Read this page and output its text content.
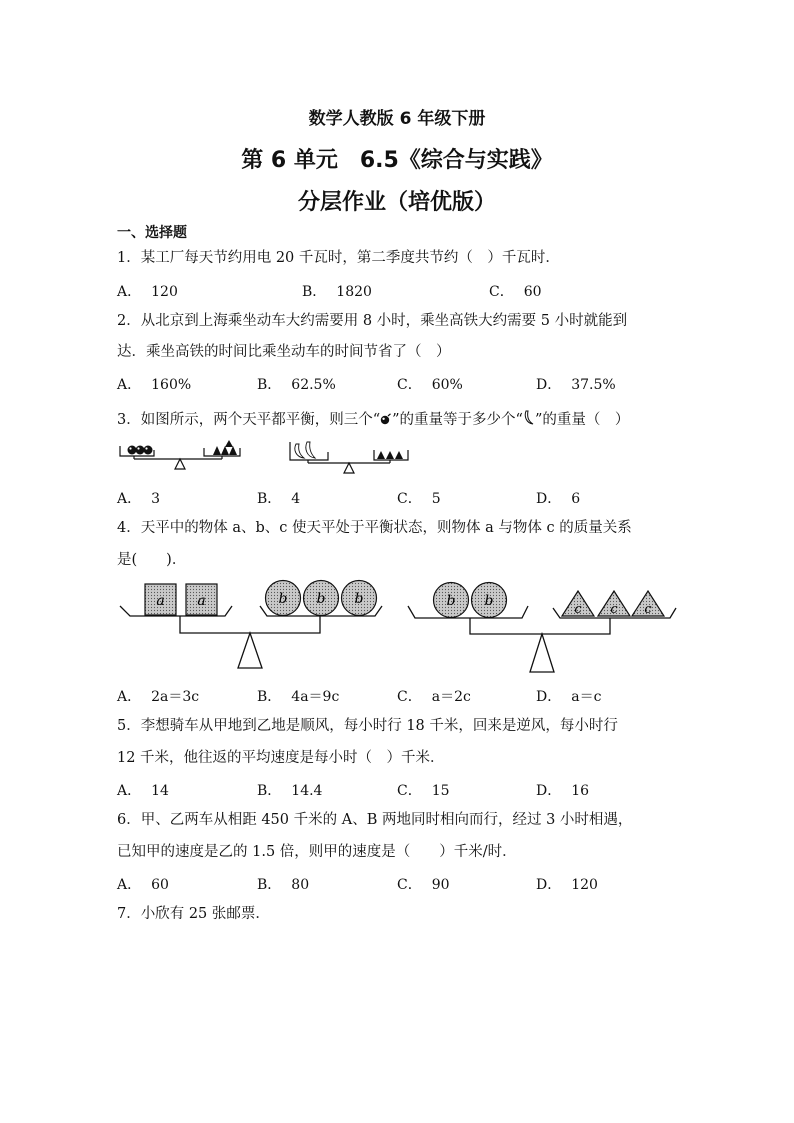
数学人教版 6 年级下册
第 6 单元　6.5《综合与实践》
分层作业（培优版）
一、选择题
1．某工厂每天节约用电 20 千瓦时，第二季度共节约（　）千瓦时．
A． 120	B． 1820	C． 60
2．从北京到上海乘坐动车大约需要用 8 小时，乘坐高铁大约需要 5 小时就能到
达．乘坐高铁的时间比乘坐动车的时间节省了（　）
A． 160%	B． 62.5%	C． 60%	D． 37.5%
3．如图所示，两个天平都平衡，则三个“ ”的重量等于多少个“ ”的重量（　）
A． 3	B． 4	C． 5	D． 6
4．天平中的物体 a、b、c 使天平处于平衡状态，则物体 a 与物体 c 的质量关系
是(　　)．
a a	b b b	b b
c c c
A． 2a＝3c	B． 4a＝9c	C． a＝2c	D． a＝c
5．李想骑车从甲地到乙地是顺风，每小时行 18 千米，回来是逆风，每小时行
12 千米，他往返的平均速度是每小时（　）千米．
A． 14	B． 14.4	C． 15	D． 16
6．甲、乙两车从相距 450 千米的 A、B 两地同时相向而行，经过 3 小时相遇，
已知甲的速度是乙的 1.5 倍，则甲的速度是（　　）千米/时．
A． 60	B． 80	C． 90	D． 120
7．小欣有 25 张邮票．
